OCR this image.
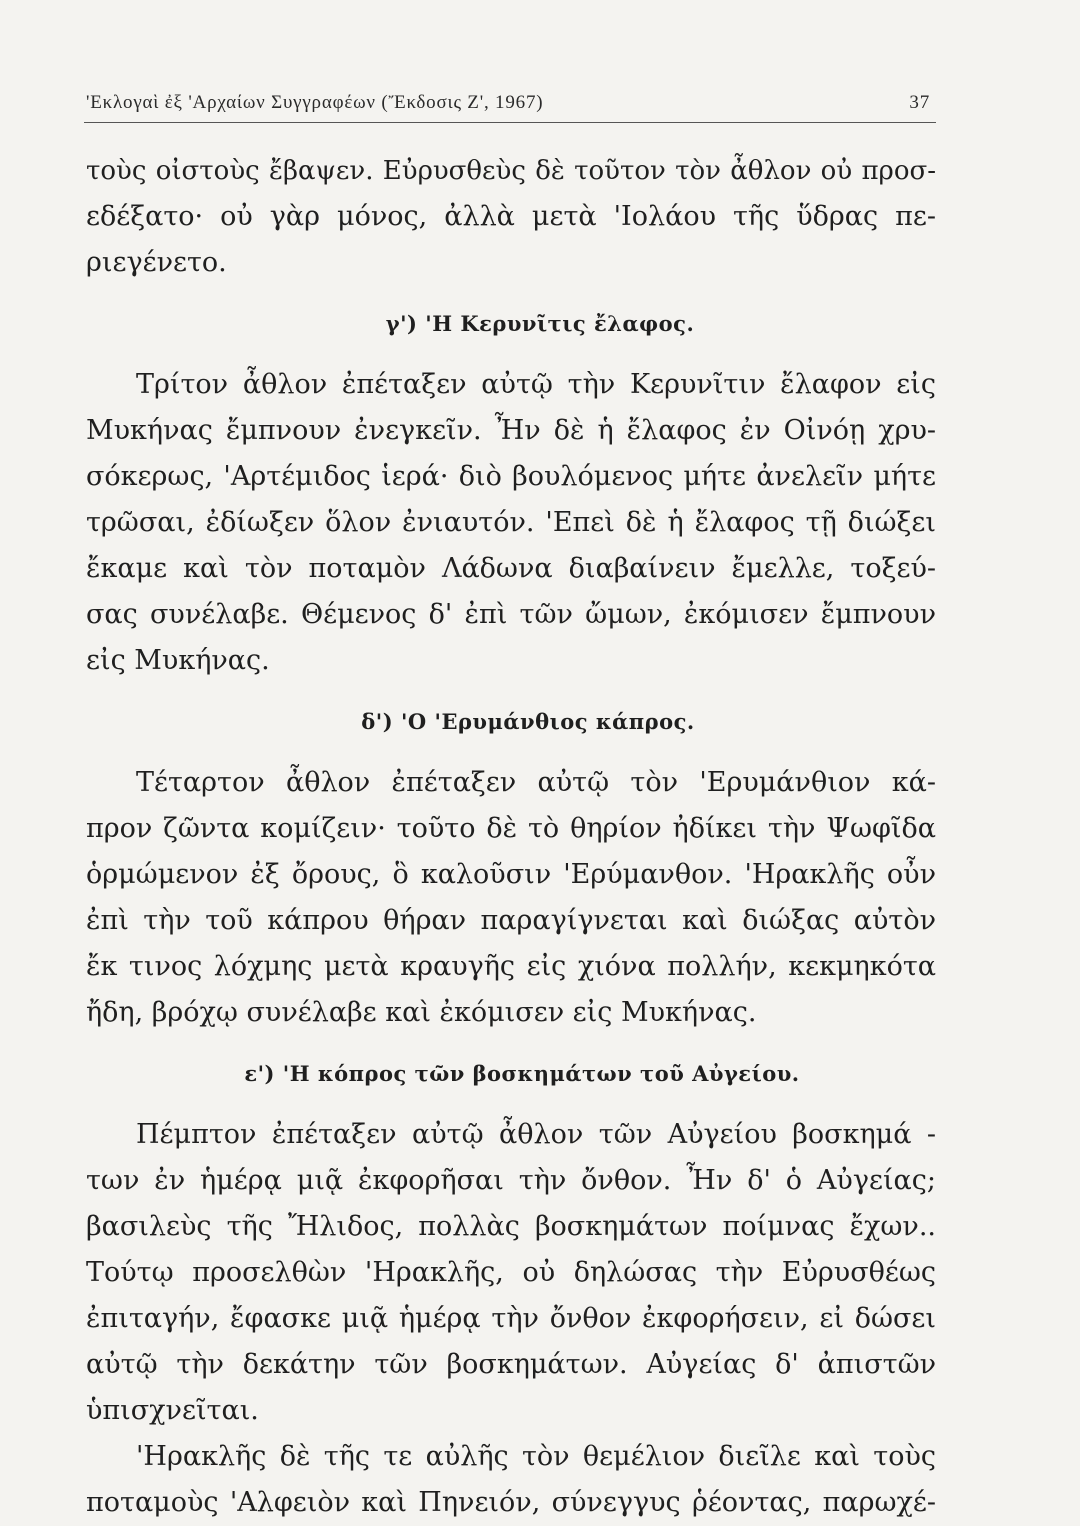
'Εκλογαὶ ἐξ 'Αρχαίων Συγγραφέων (Ἔκδοσις Ζ', 1967)	37
τοὺς οἰστοὺς ἔβαψεν. Εὐρυσθεὺς δὲ τοῦτον τὸν ἆθλον οὐ προσ-
εδέξατο· οὐ γὰρ μόνος, ἀλλὰ μετὰ 'Ιολάου τῆς ὕδρας πε-
ριεγένετο.
γ') 'Η Κερυνῖτις ἔλαφος.
Τρίτον ἆθλον ἐπέταξεν αὐτῷ τὴν Κερυνῖτιν ἔλαφον εἰς
Μυκήνας ἔμπνουν ἐνεγκεῖν. Ἦν δὲ ἡ ἔλαφος ἐν Οἰνόῃ χρυ-
σόκερως, 'Αρτέμιδος ἱερά· διὸ βουλόμενος μήτε ἀνελεῖν μήτε
τρῶσαι, ἐδίωξεν ὅλον ἐνιαυτόν. 'Επεὶ δὲ ἡ ἔλαφος τῇ διώξει
ἔκαμε καὶ τὸν ποταμὸν Λάδωνα διαβαίνειν ἔμελλε, τοξεύ-
σας συνέλαβε. Θέμενος δ' ἐπὶ τῶν ὤμων, ἐκόμισεν ἔμπνουν
εἰς Μυκήνας.
δ') 'Ο 'Ερυμάνθιος κάπρος.
Τέταρτον ἆθλον ἐπέταξεν αὐτῷ τὸν 'Ερυμάνθιον κά-
προν ζῶντα κομίζειν· τοῦτο δὲ τὸ θηρίον ἠδίκει τὴν Ψωφῖδα
ὁρμώμενον ἐξ ὄρους, ὃ καλοῦσιν 'Ερύμανθον. 'Ηρακλῆς οὖν
ἐπὶ τὴν τοῦ κάπρου θήραν παραγίγνεται καὶ διώξας αὐτὸν
ἔκ τινος λόχμης μετὰ κραυγῆς εἰς χιόνα πολλήν, κεκμηκότα
ἤδη, βρόχῳ συνέλαβε καὶ ἐκόμισεν εἰς Μυκήνας.
ε') 'Η κόπρος τῶν βοσκημάτων τοῦ Αὐγείου.
Πέμπτον ἐπέταξεν αὐτῷ ἆθλον τῶν Αὐγείου βοσκημά -
των ἐν ἡμέρᾳ μιᾷ ἐκφορῆσαι τὴν ὄνθον. Ἦν δ' ὁ Αὐγείας;
βασιλεὺς τῆς Ἤλιδος, πολλὰς βοσκημάτων ποίμνας ἔχων..
Τούτῳ προσελθὼν 'Ηρακλῆς, οὐ δηλώσας τὴν Εὐρυσθέως
ἐπιταγήν, ἔφασκε μιᾷ ἡμέρᾳ τὴν ὄνθον ἐκφορήσειν, εἰ δώσει
αὐτῷ τὴν δεκάτην τῶν βοσκημάτων. Αὐγείας δ' ἀπιστῶν
ὑπισχνεῖται.
'Ηρακλῆς δὲ τῆς τε αὐλῆς τὸν θεμέλιον διεῖλε καὶ τοὺς
ποταμοὺς 'Αλφειὸν καὶ Πηνειόν, σύνεγγυς ῥέοντας, παρωχέ-
